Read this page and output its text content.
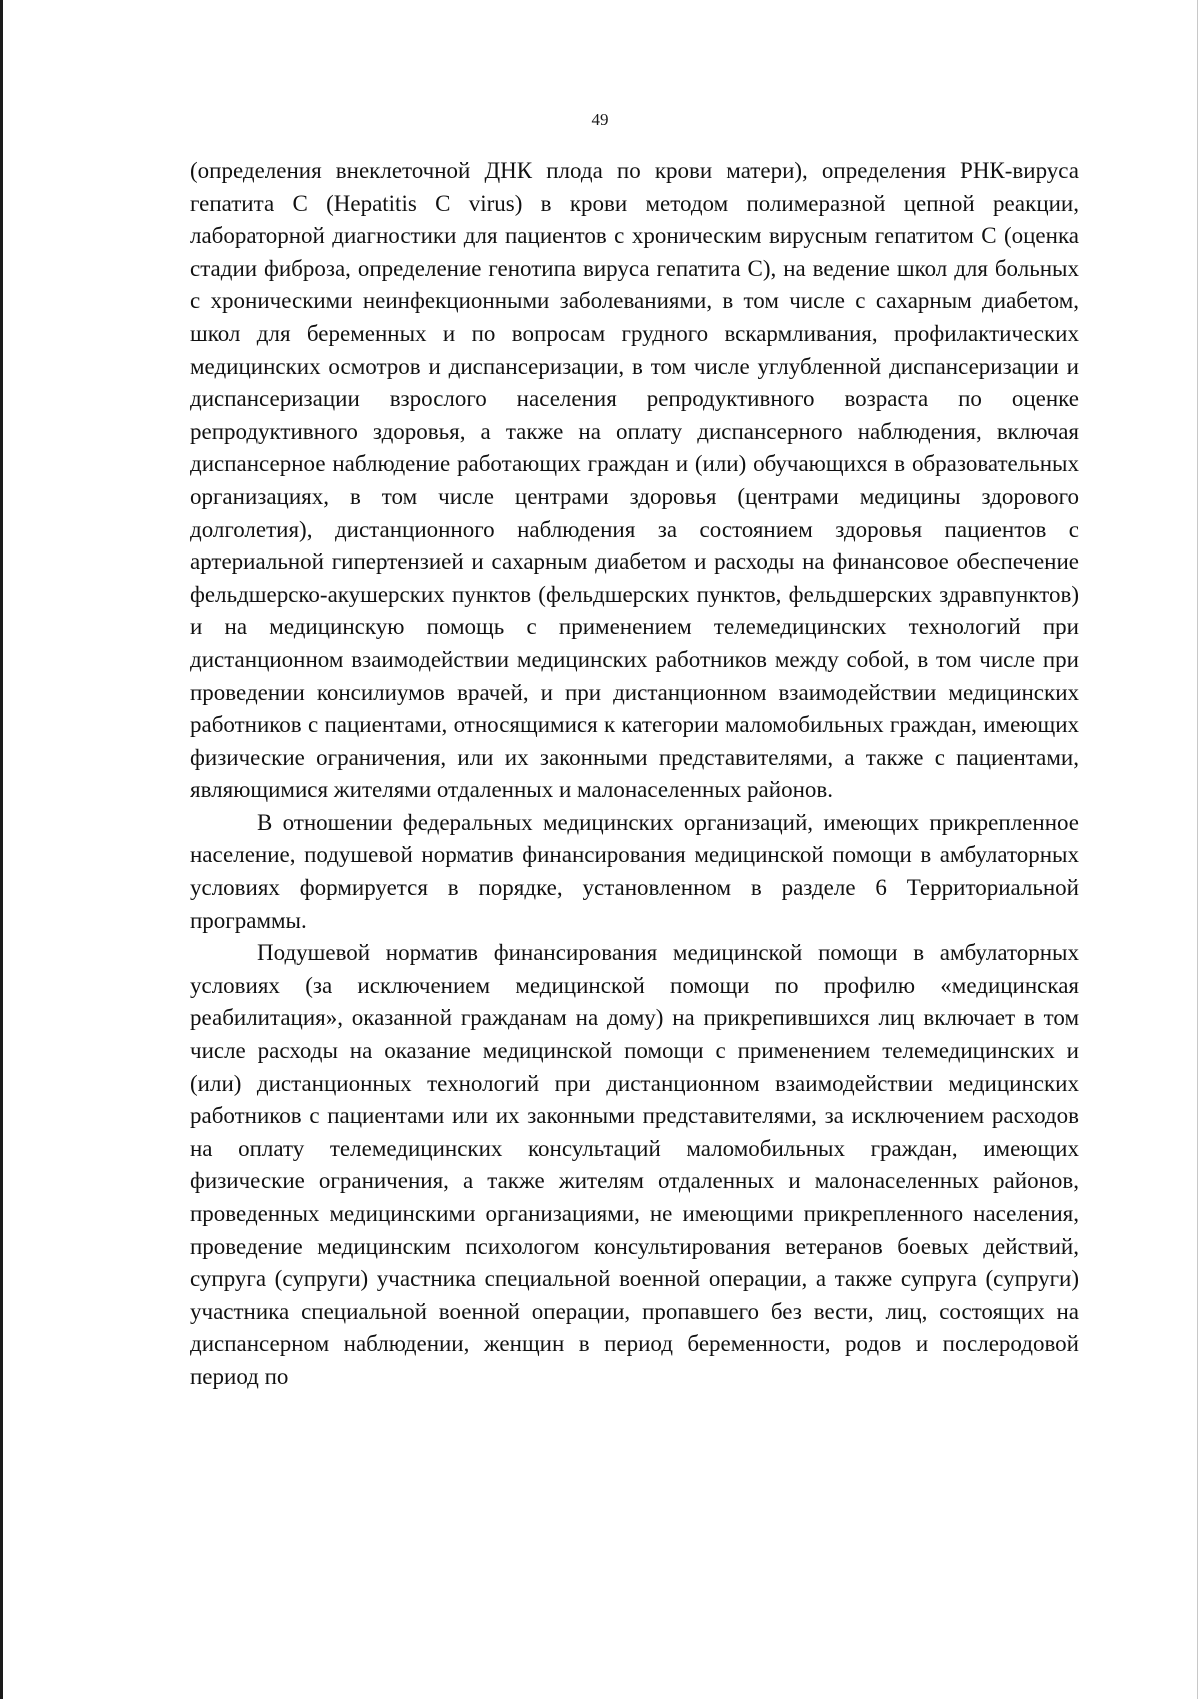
49

(определения внеклеточной ДНК плода по крови матери), определения РНК-вируса гепатита С (Hepatitis C virus) в крови методом полимеразной цепной реакции, лабораторной диагностики для пациентов с хроническим вирусным гепатитом С (оценка стадии фиброза, определение генотипа вируса гепатита С), на ведение школ для больных с хроническими неинфекционными заболеваниями, в том числе с сахарным диабетом, школ для беременных и по вопросам грудного вскармливания, профилактических медицинских осмотров и диспансеризации, в том числе углубленной диспансеризации и диспансеризации взрослого населения репродуктивного возраста по оценке репродуктивного здоровья, а также на оплату диспансерного наблюдения, включая диспансерное наблюдение работающих граждан и (или) обучающихся в образовательных организациях, в том числе центрами здоровья (центрами медицины здорового долголетия), дистанционного наблюдения за состоянием здоровья пациентов с артериальной гипертензией и сахарным диабетом и расходы на финансовое обеспечение фельдшерско-акушерских пунктов (фельдшерских пунктов, фельдшерских здравпунктов) и на медицинскую помощь с применением телемедицинских технологий при дистанционном взаимодействии медицинских работников между собой, в том числе при проведении консилиумов врачей, и при дистанционном взаимодействии медицинских работников с пациентами, относящимися к категории маломобильных граждан, имеющих физические ограничения, или их законными представителями, а также с пациентами, являющимися жителями отдаленных и малонаселенных районов.

В отношении федеральных медицинских организаций, имеющих прикрепленное население, подушевой норматив финансирования медицинской помощи в амбулаторных условиях формируется в порядке, установленном в разделе 6 Территориальной программы.

Подушевой норматив финансирования медицинской помощи в амбулаторных условиях (за исключением медицинской помощи по профилю «медицинская реабилитация», оказанной гражданам на дому) на прикрепившихся лиц включает в том числе расходы на оказание медицинской помощи с применением телемедицинских и (или) дистанционных технологий при дистанционном взаимодействии медицинских работников с пациентами или их законными представителями, за исключением расходов на оплату телемедицинских консультаций маломобильных граждан, имеющих физические ограничения, а также жителям отдаленных и малонаселенных районов, проведенных медицинскими организациями, не имеющими прикрепленного населения, проведение медицинским психологом консультирования ветеранов боевых действий, супруга (супруги) участника специальной военной операции, а также супруга (супруги) участника специальной военной операции, пропавшего без вести, лиц, состоящих на диспансерном наблюдении, женщин в период беременности, родов и послеродовой период по
